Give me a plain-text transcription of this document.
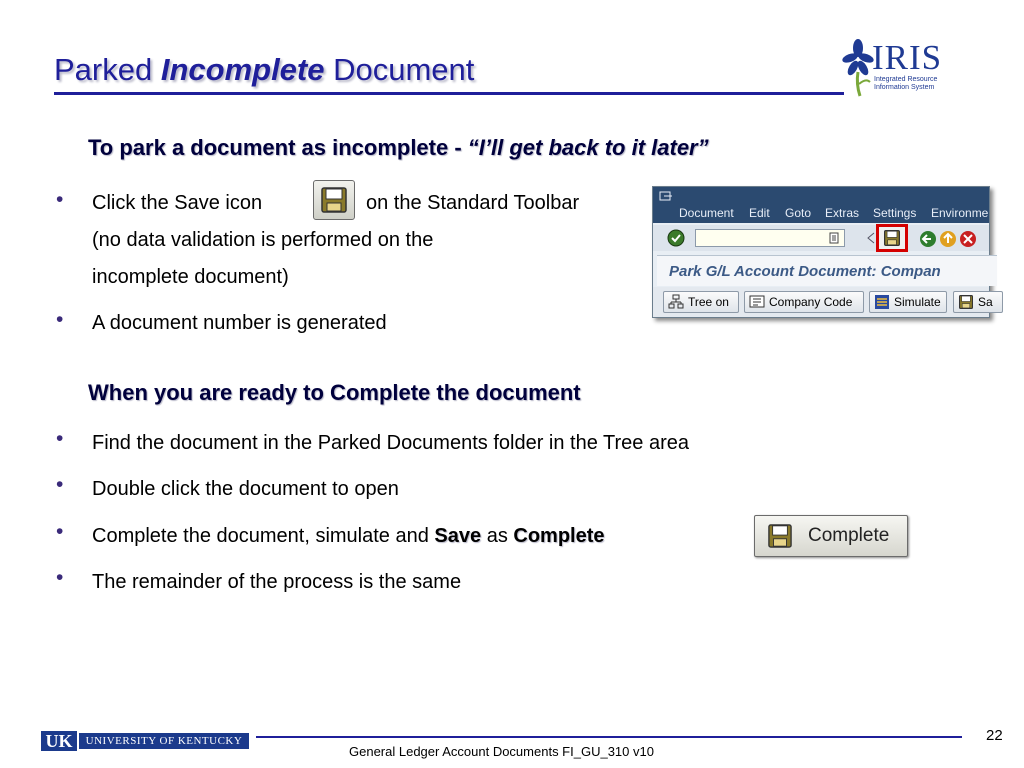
Parked Incomplete Document	IRIS
Integrated Resource
Information System
To park a document as incomplete - “I’ll get back to it later”
• Click the Save icon	on the Standard Toolbar
(no data validation is performed on the
incomplete document)
• A document number is generated
Document Edit Goto Extras Settings Environme
Park G/L Account Document: Compan
Tree on	Company Code	Simulate	Sa
When you are ready to Complete the document
• Find the document in the Parked Documents folder in the Tree area
• Double click the document to open
• Complete the document, simulate and Save as Complete	Complete
• The remainder of the process is the same
UK	UNIVERSITY OF KENTUCKY
General Ledger Account Documents FI_GU_310 v10
22
